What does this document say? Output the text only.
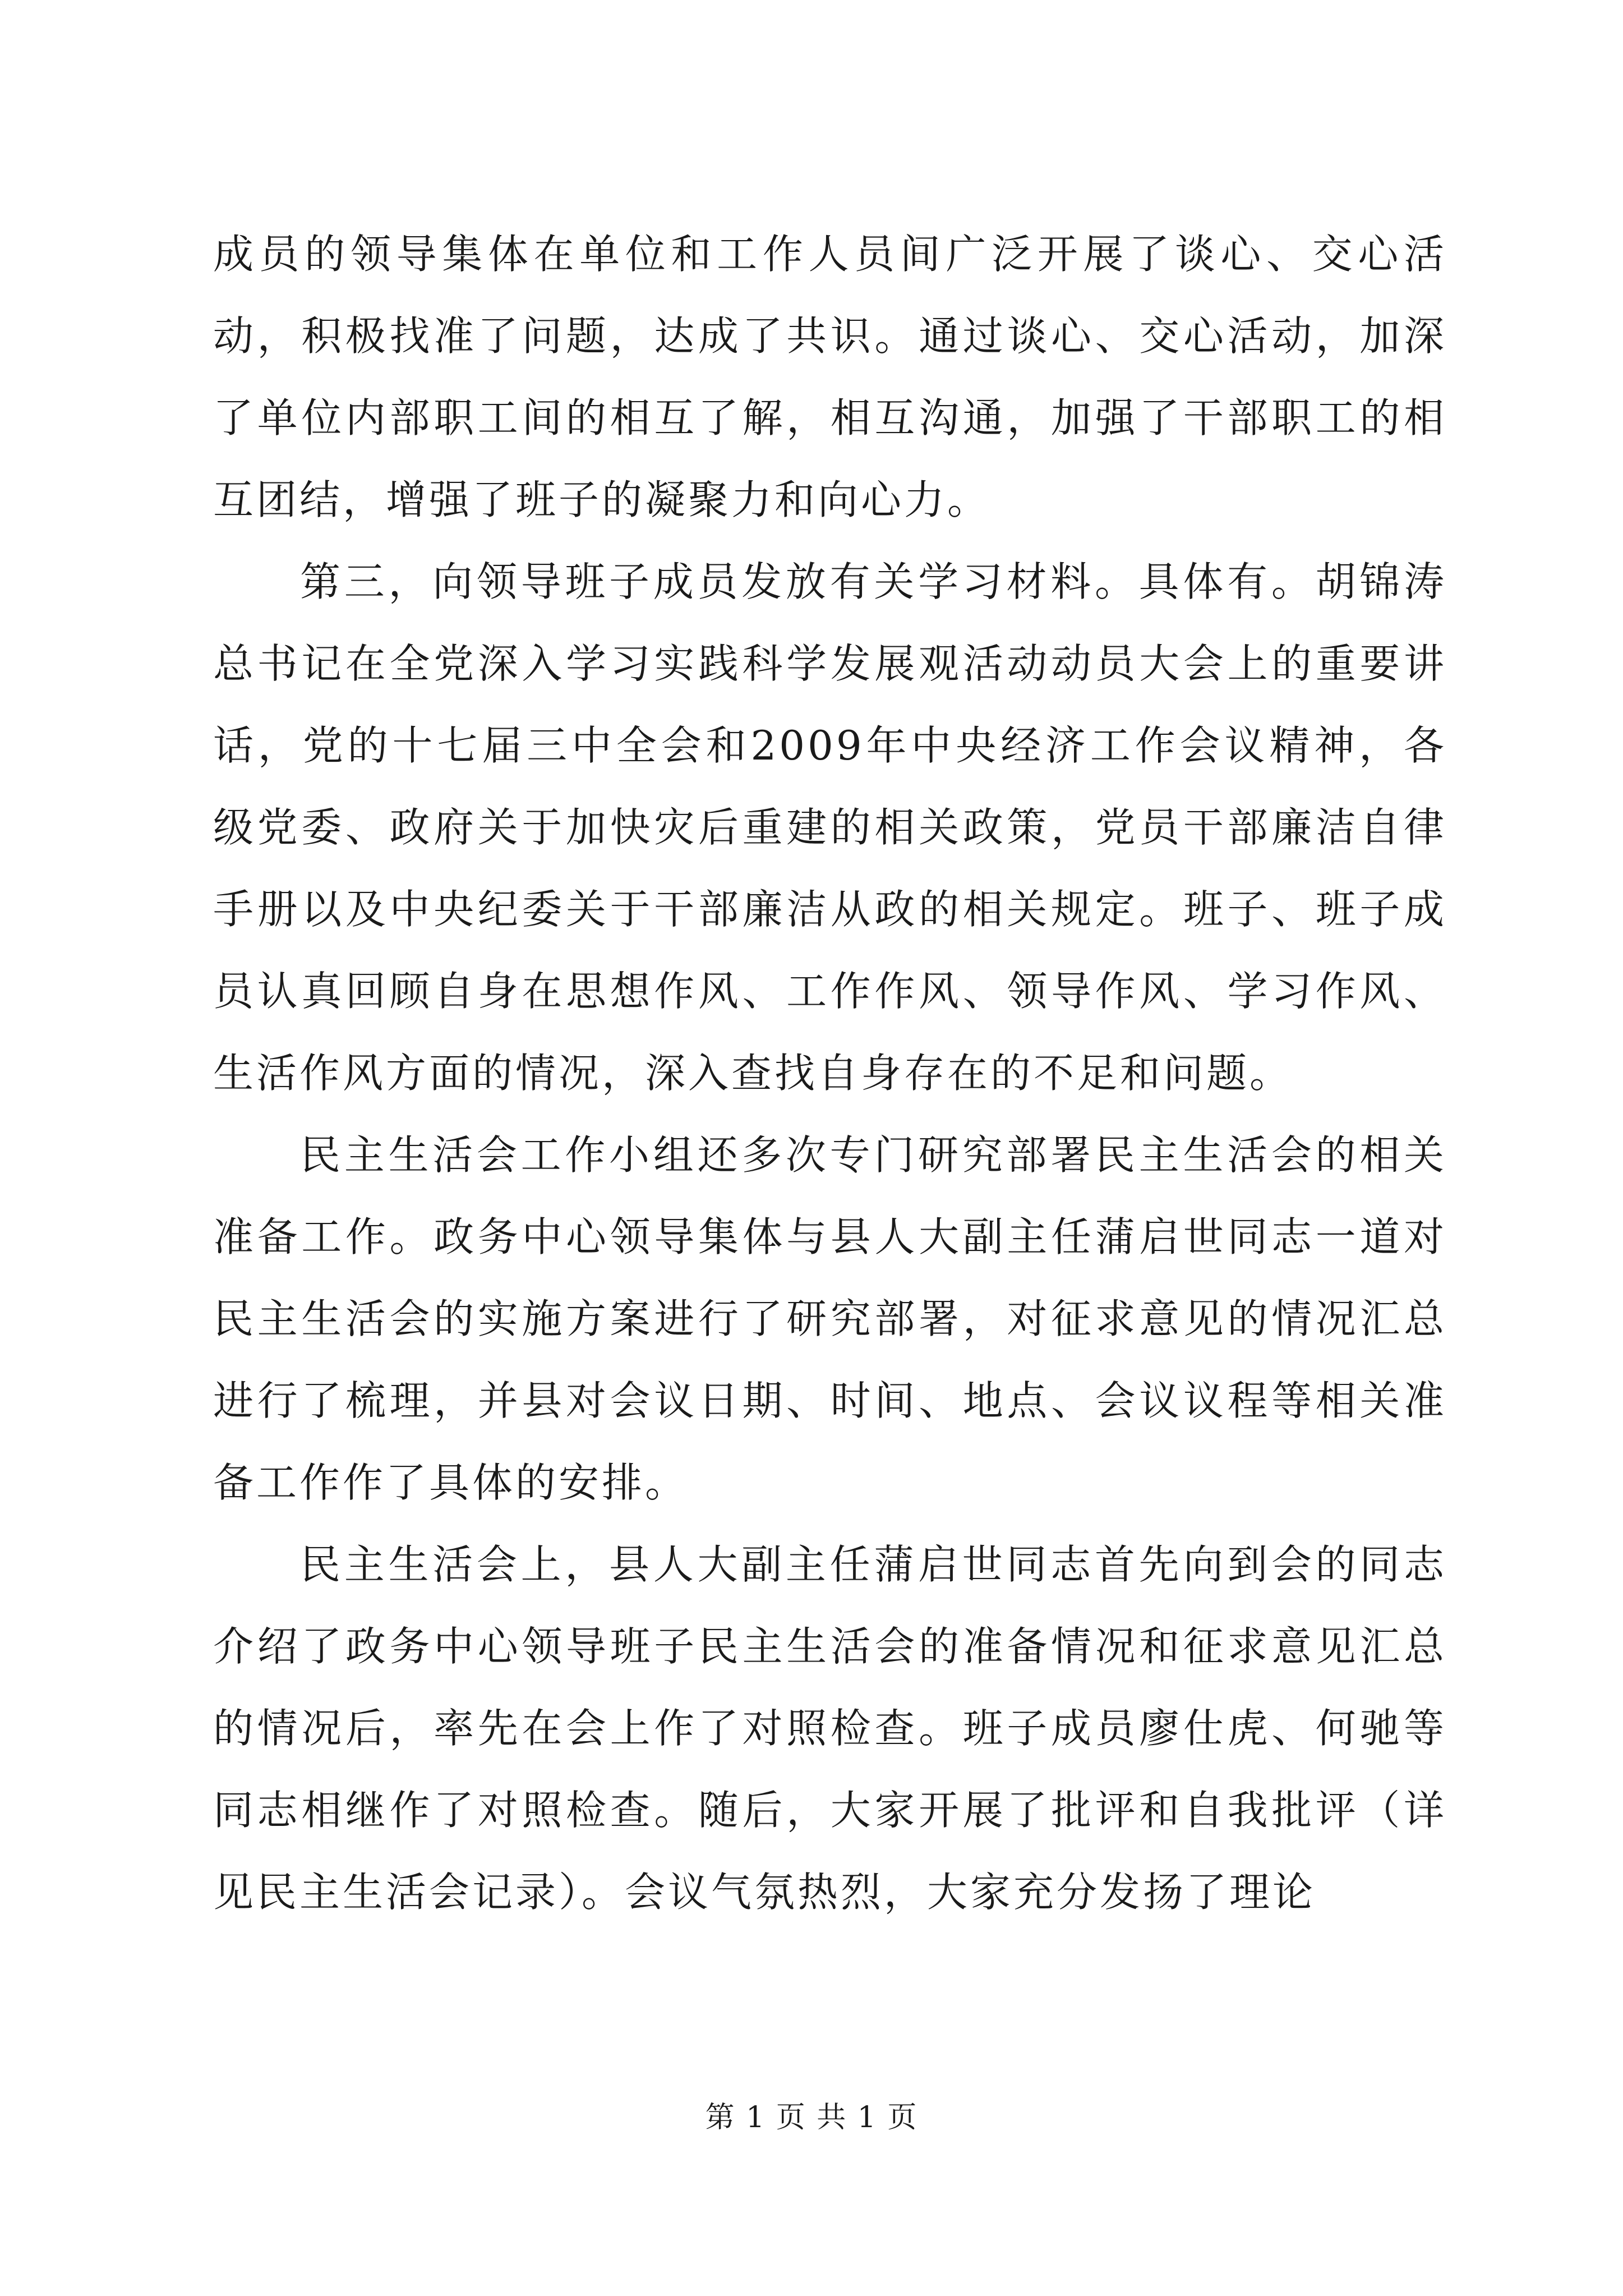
成员的领导集体在单位和工作人员间广泛开展了谈心、交心活动，积极找准了问题，达成了共识。通过谈心、交心活动，加深了单位内部职工间的相互了解，相互沟通，加强了干部职工的相互团结，增强了班子的凝聚力和向心力。

第三，向领导班子成员发放有关学习材料。具体有。胡锦涛总书记在全党深入学习实践科学发展观活动动员大会上的重要讲话，党的十七届三中全会和2009年中央经济工作会议精神，各级党委、政府关于加快灾后重建的相关政策，党员干部廉洁自律手册以及中央纪委关于干部廉洁从政的相关规定。班子、班子成员认真回顾自身在思想作风、工作作风、领导作风、学习作风、生活作风方面的情况，深入查找自身存在的不足和问题。

民主生活会工作小组还多次专门研究部署民主生活会的相关准备工作。政务中心领导集体与县人大副主任蒲启世同志一道对民主生活会的实施方案进行了研究部署，对征求意见的情况汇总进行了梳理，并县对会议日期、时间、地点、会议议程等相关准备工作作了具体的安排。

民主生活会上，县人大副主任蒲启世同志首先向到会的同志介绍了政务中心领导班子民主生活会的准备情况和征求意见汇总的情况后，率先在会上作了对照检查。班子成员廖仕虎、何驰等同志相继作了对照检查。随后，大家开展了批评和自我批评（详见民主生活会记录）。会议气氛热烈，大家充分发扬了理论

第 1 页 共 1 页
